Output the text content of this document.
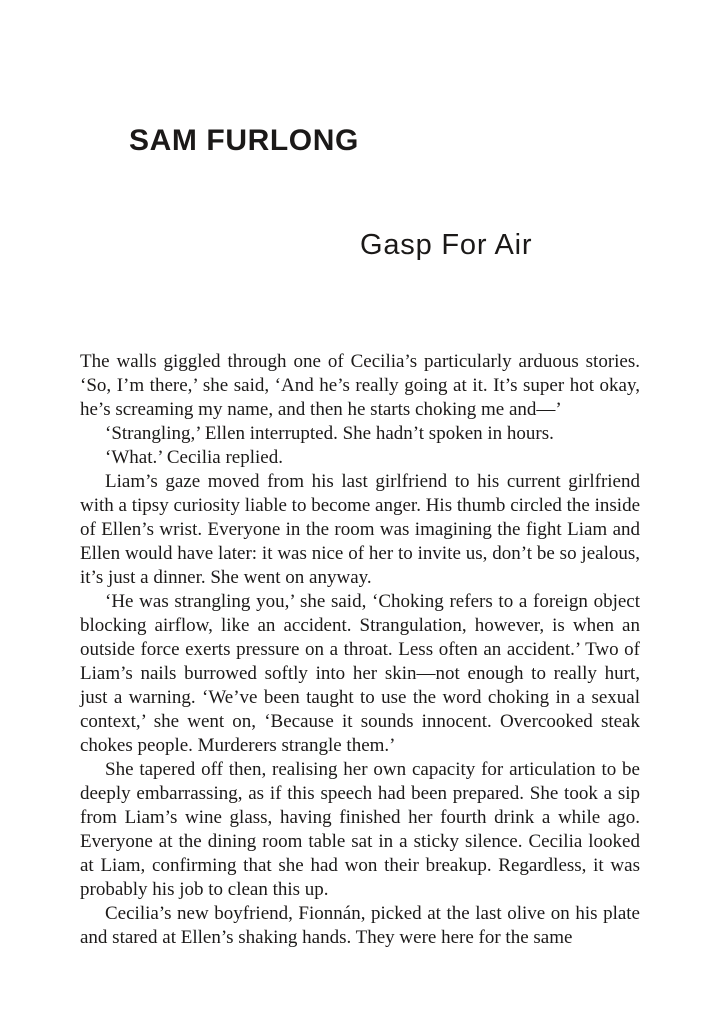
SAM FURLONG
Gasp For Air

The walls giggled through one of Cecilia’s particularly arduous stories. ‘So, I’m there,’ she said, ‘And he’s really going at it. It’s super hot okay, he’s screaming my name, and then he starts choking me and—’

‘Strangling,’ Ellen interrupted. She hadn’t spoken in hours.

‘What.’ Cecilia replied.

Liam’s gaze moved from his last girlfriend to his current girlfriend with a tipsy curiosity liable to become anger. His thumb circled the inside of Ellen’s wrist. Everyone in the room was imagining the fight Liam and Ellen would have later: it was nice of her to invite us, don’t be so jealous, it’s just a dinner. She went on anyway.

‘He was strangling you,’ she said, ‘Choking refers to a foreign object blocking airflow, like an accident. Strangulation, however, is when an outside force exerts pressure on a throat. Less often an accident.’ Two of Liam’s nails burrowed softly into her skin—not enough to really hurt, just a warning. ‘We’ve been taught to use the word choking in a sexual context,’ she went on, ‘Because it sounds innocent. Overcooked steak chokes people. Murderers strangle them.’

She tapered off then, realising her own capacity for articulation to be deeply embarrassing, as if this speech had been prepared. She took a sip from Liam’s wine glass, having finished her fourth drink a while ago. Everyone at the dining room table sat in a sticky silence. Cecilia looked at Liam, confirming that she had won their breakup. Regardless, it was probably his job to clean this up.

Cecilia’s new boyfriend, Fionnán, picked at the last olive on his plate and stared at Ellen’s shaking hands. They were here for the same
